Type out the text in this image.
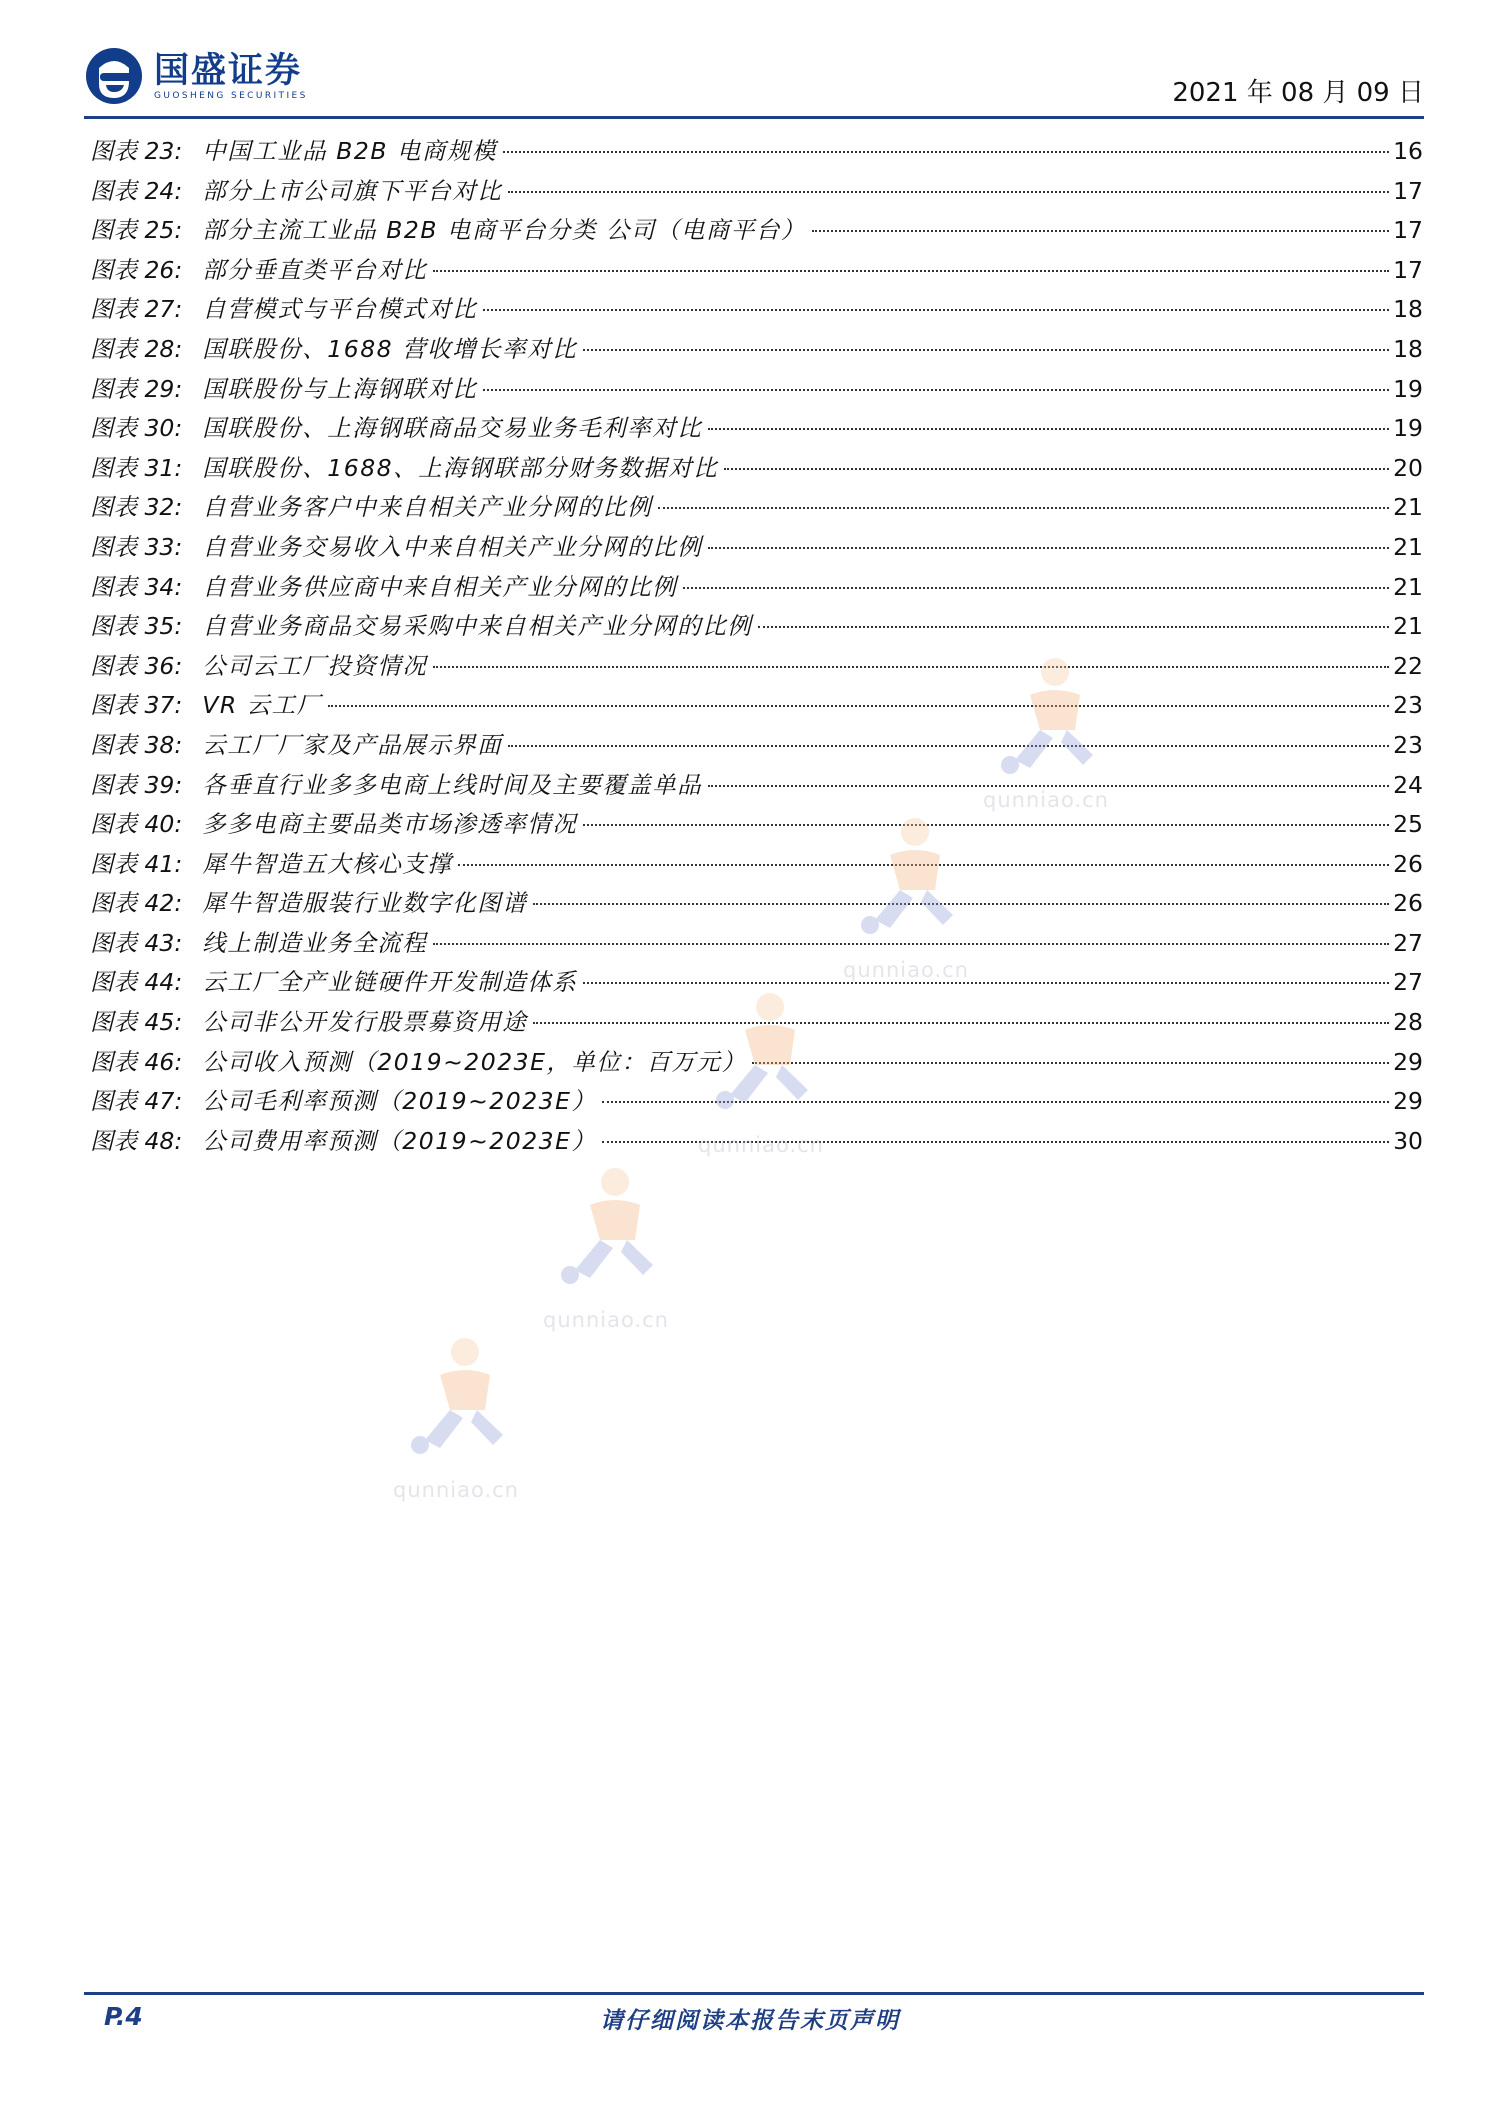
国盛证券
GUOSHENG SECURITIES	2021 年 08 月 09 日
图表 23: 中国工业品 B2B 电商规模	16
图表 24: 部分上市公司旗下平台对比	17
图表 25: 部分主流工业品 B2B 电商平台分类 公司（电商平台）	17
图表 26: 部分垂直类平台对比	17
图表 27: 自营模式与平台模式对比	18
图表 28: 国联股份、1688 营收增长率对比	18
图表 29: 国联股份与上海钢联对比	19
图表 30: 国联股份、上海钢联商品交易业务毛利率对比	19
图表 31: 国联股份、1688、上海钢联部分财务数据对比	20
图表 32: 自营业务客户中来自相关产业分网的比例	21
图表 33: 自营业务交易收入中来自相关产业分网的比例	21
图表 34: 自营业务供应商中来自相关产业分网的比例	21
图表 35: 自营业务商品交易采购中来自相关产业分网的比例	21
图表 36: 公司云工厂投资情况	22
图表 37: VR 云工厂	23
图表 38: 云工厂厂家及产品展示界面	23
图表 39: 各垂直行业多多电商上线时间及主要覆盖单品	24
图表 40: 多多电商主要品类市场渗透率情况	25
图表 41: 犀牛智造五大核心支撑	26
图表 42: 犀牛智造服装行业数字化图谱	26
图表 43: 线上制造业务全流程	27
图表 44: 云工厂全产业链硬件开发制造体系	27
图表 45: 公司非公开发行股票募资用途	28
图表 46: 公司收入预测（2019~2023E，单位：百万元）	29
图表 47: 公司毛利率预测（2019~2023E）	29
图表 48: 公司费用率预测（2019~2023E）	30
qunniao.cn
qunniao.cn
qunniao.cn
qunniao.cn
qunniao.cn
请仔细阅读本报告末页声明
P.4
